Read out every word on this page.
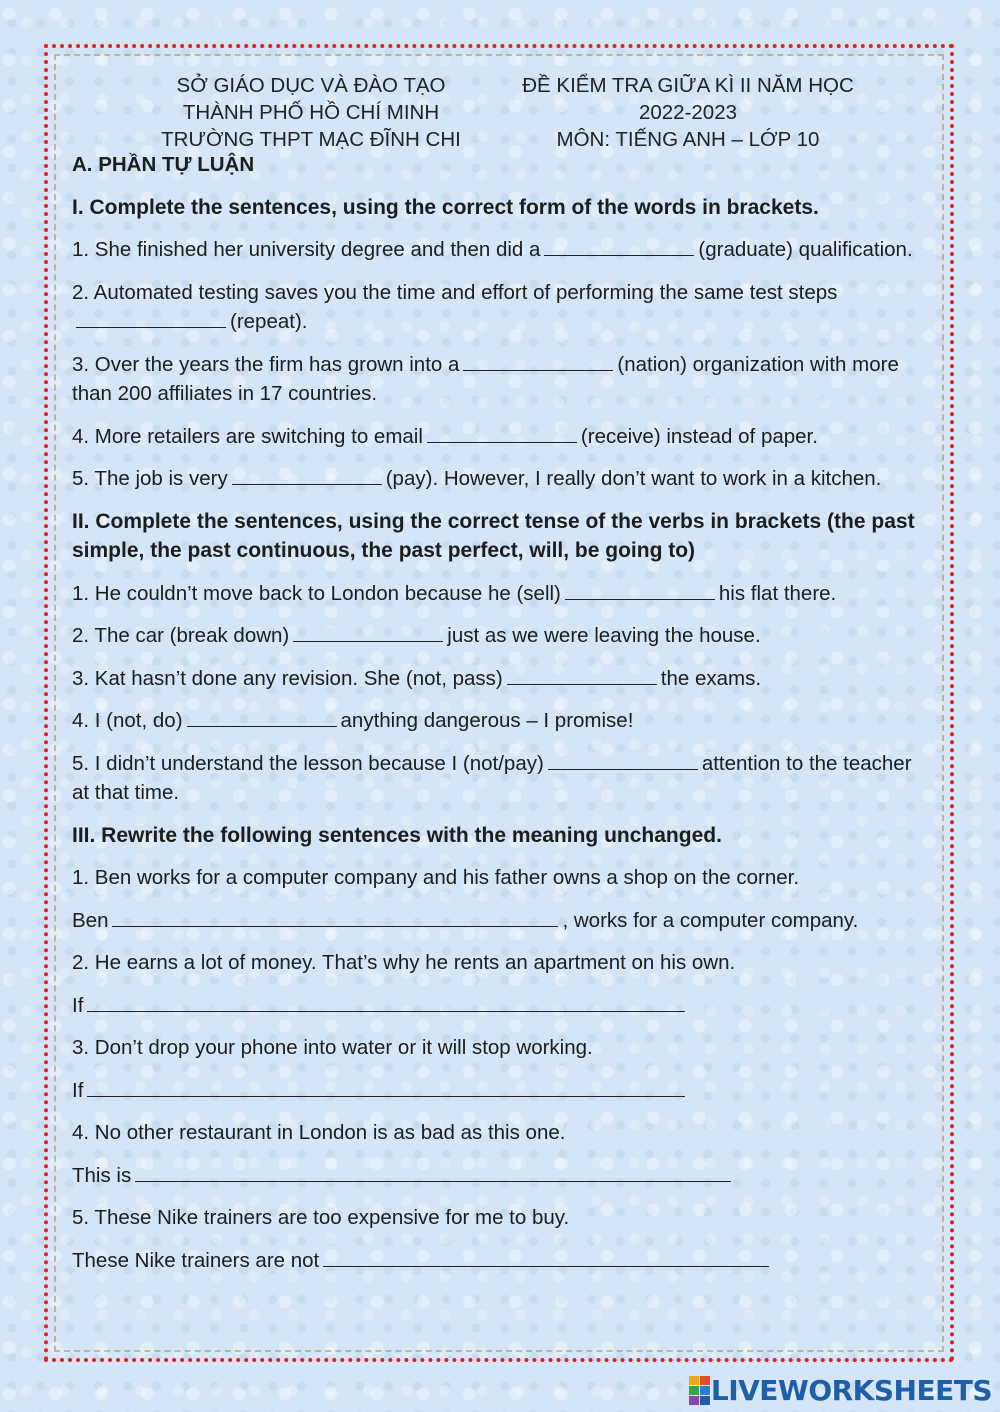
SỞ GIÁO DỤC VÀ ĐÀO TẠO
THÀNH PHỐ HỒ CHÍ MINH
TRƯỜNG THPT MẠC ĐĨNH CHI
ĐỀ KIỂM TRA GIỮA KÌ II NĂM HỌC
2022-2023
MÔN: TIẾNG ANH – LỚP 10
A. PHẦN TỰ LUẬN
I. Complete the sentences, using the correct form of the words in brackets.
1. She finished her university degree and then did a	(graduate) qualification.
2. Automated testing saves you the time and effort of performing the same test steps(repeat).
3. Over the years the firm has grown into a	(nation) organization with more than 200 affiliates in 17 countries.
4. More retailers are switching to email	(receive) instead of paper.
5. The job is very	(pay). However, I really don’t want to work in a kitchen.
II. Complete the sentences, using the correct tense of the verbs in brackets (the past simple, the past continuous, the past perfect, will, be going to)
1. He couldn’t move back to London because he (sell)	his flat there.
2. The car (break down)	just as we were leaving the house.
3. Kat hasn’t done any revision. She (not, pass)	the exams.
4. I (not, do)	anything dangerous – I promise!
5. I didn’t understand the lesson because I (not/pay)	attention to the teacher at that time.
III. Rewrite the following sentences with the meaning unchanged.
1. Ben works for a computer company and his father owns a shop on the corner.
Ben	, works for a computer company.
2. He earns a lot of money. That’s why he rents an apartment on his own.
If
3. Don’t drop your phone into water or it will stop working.
If
4. No other restaurant in London is as bad as this one.
This is
5. These Nike trainers are too expensive for me to buy.
These Nike trainers are not
LIVEWORKSHEETS
